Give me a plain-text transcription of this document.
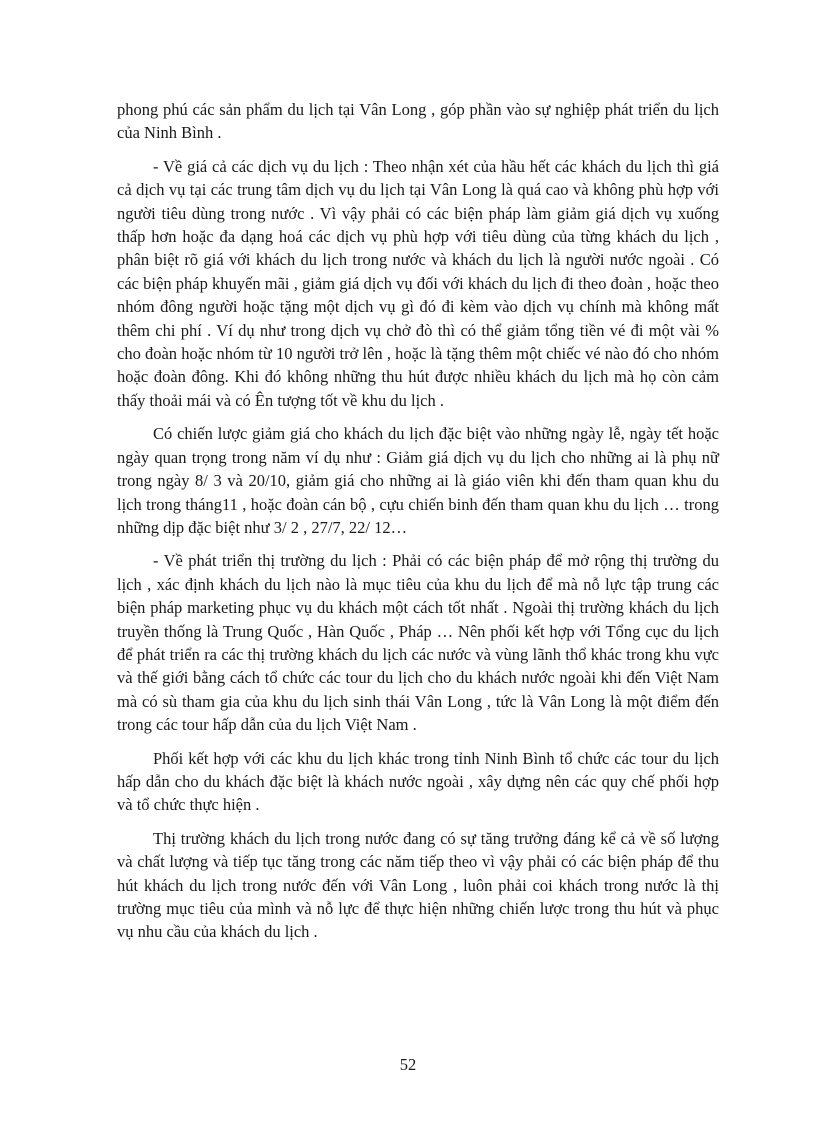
phong phú các sản phẩm du lịch tại Vân Long , góp phần vào sự nghiệp phát triển du lịch của Ninh Bình .

- Về giá cả các dịch vụ du lịch : Theo nhận xét của hầu hết các khách du lịch thì giá cả dịch vụ tại các trung tâm dịch vụ du lịch tại Vân Long là quá cao và không phù hợp với người tiêu dùng trong nước . Vì vậy phải có các biện pháp làm giảm giá dịch vụ xuống thấp hơn hoặc đa dạng hoá các dịch vụ phù hợp với tiêu dùng của từng khách du lịch , phân biệt rõ giá với khách du lịch trong nước và khách du lịch là người nước ngoài . Có các biện pháp khuyến mãi , giảm giá dịch vụ đối với khách du lịch đi theo đoàn , hoặc theo nhóm đông người hoặc tặng một dịch vụ gì đó đi kèm vào dịch vụ chính mà không mất thêm chi phí . Ví dụ như trong dịch vụ chở đò thì có thể giảm tổng tiền vé đi một vài % cho đoàn hoặc nhóm từ 10 người trở lên , hoặc là tặng thêm một chiếc vé nào đó cho nhóm hoặc đoàn đông. Khi đó không những thu hút được nhiều khách du lịch mà họ còn cảm thấy thoải mái và có Ên tượng tốt về khu du lịch .

Có chiến lược giảm giá cho khách du lịch đặc biệt vào những ngày lễ, ngày tết hoặc ngày quan trọng trong năm ví dụ như : Giảm giá dịch vụ du lịch cho những ai là phụ nữ trong ngày 8/ 3 và 20/10, giảm giá cho những ai là giáo viên khi đến tham quan khu du lịch trong tháng11 , hoặc đoàn cán bộ , cựu chiến binh đến tham quan khu du lịch … trong những dịp đặc biệt như 3/ 2 , 27/7, 22/ 12…

- Về phát triển thị trường du lịch : Phải có các biện pháp để mở rộng thị trường du lịch , xác định khách du lịch nào là mục tiêu của khu du lịch để mà nỗ lực tập trung các biện pháp marketing phục vụ du khách một cách tốt nhất . Ngoài thị trường khách du lịch truyền thống là Trung Quốc , Hàn Quốc , Pháp … Nên phối kết hợp với Tổng cục du lịch để phát triển ra các thị trường khách du lịch các nước và vùng lãnh thổ khác trong khu vực và thế giới bằng cách tổ chức các tour du lịch cho du khách nước ngoài khi đến Việt Nam mà có sù tham gia của khu du lịch sinh thái Vân Long , tức là Vân Long là một điểm đến trong các tour hấp dẫn của du lịch Việt Nam .

Phối kết hợp với các khu du lịch khác trong tỉnh Ninh Bình tổ chức các tour du lịch hấp dẫn cho du khách đặc biệt là khách nước ngoài , xây dựng nên các quy chế phối hợp và tổ chức thực hiện .

Thị trường khách du lịch trong nước đang có sự tăng trưởng đáng kể cả về số lượng và chất lượng và tiếp tục tăng trong các năm tiếp theo vì vậy phải có các biện pháp để thu hút khách du lịch trong nước đến với Vân Long , luôn phải coi khách trong nước là thị trường mục tiêu của mình và nỗ lực để thực hiện những chiến lược trong thu hút và phục vụ nhu cầu của khách du lịch .

52
